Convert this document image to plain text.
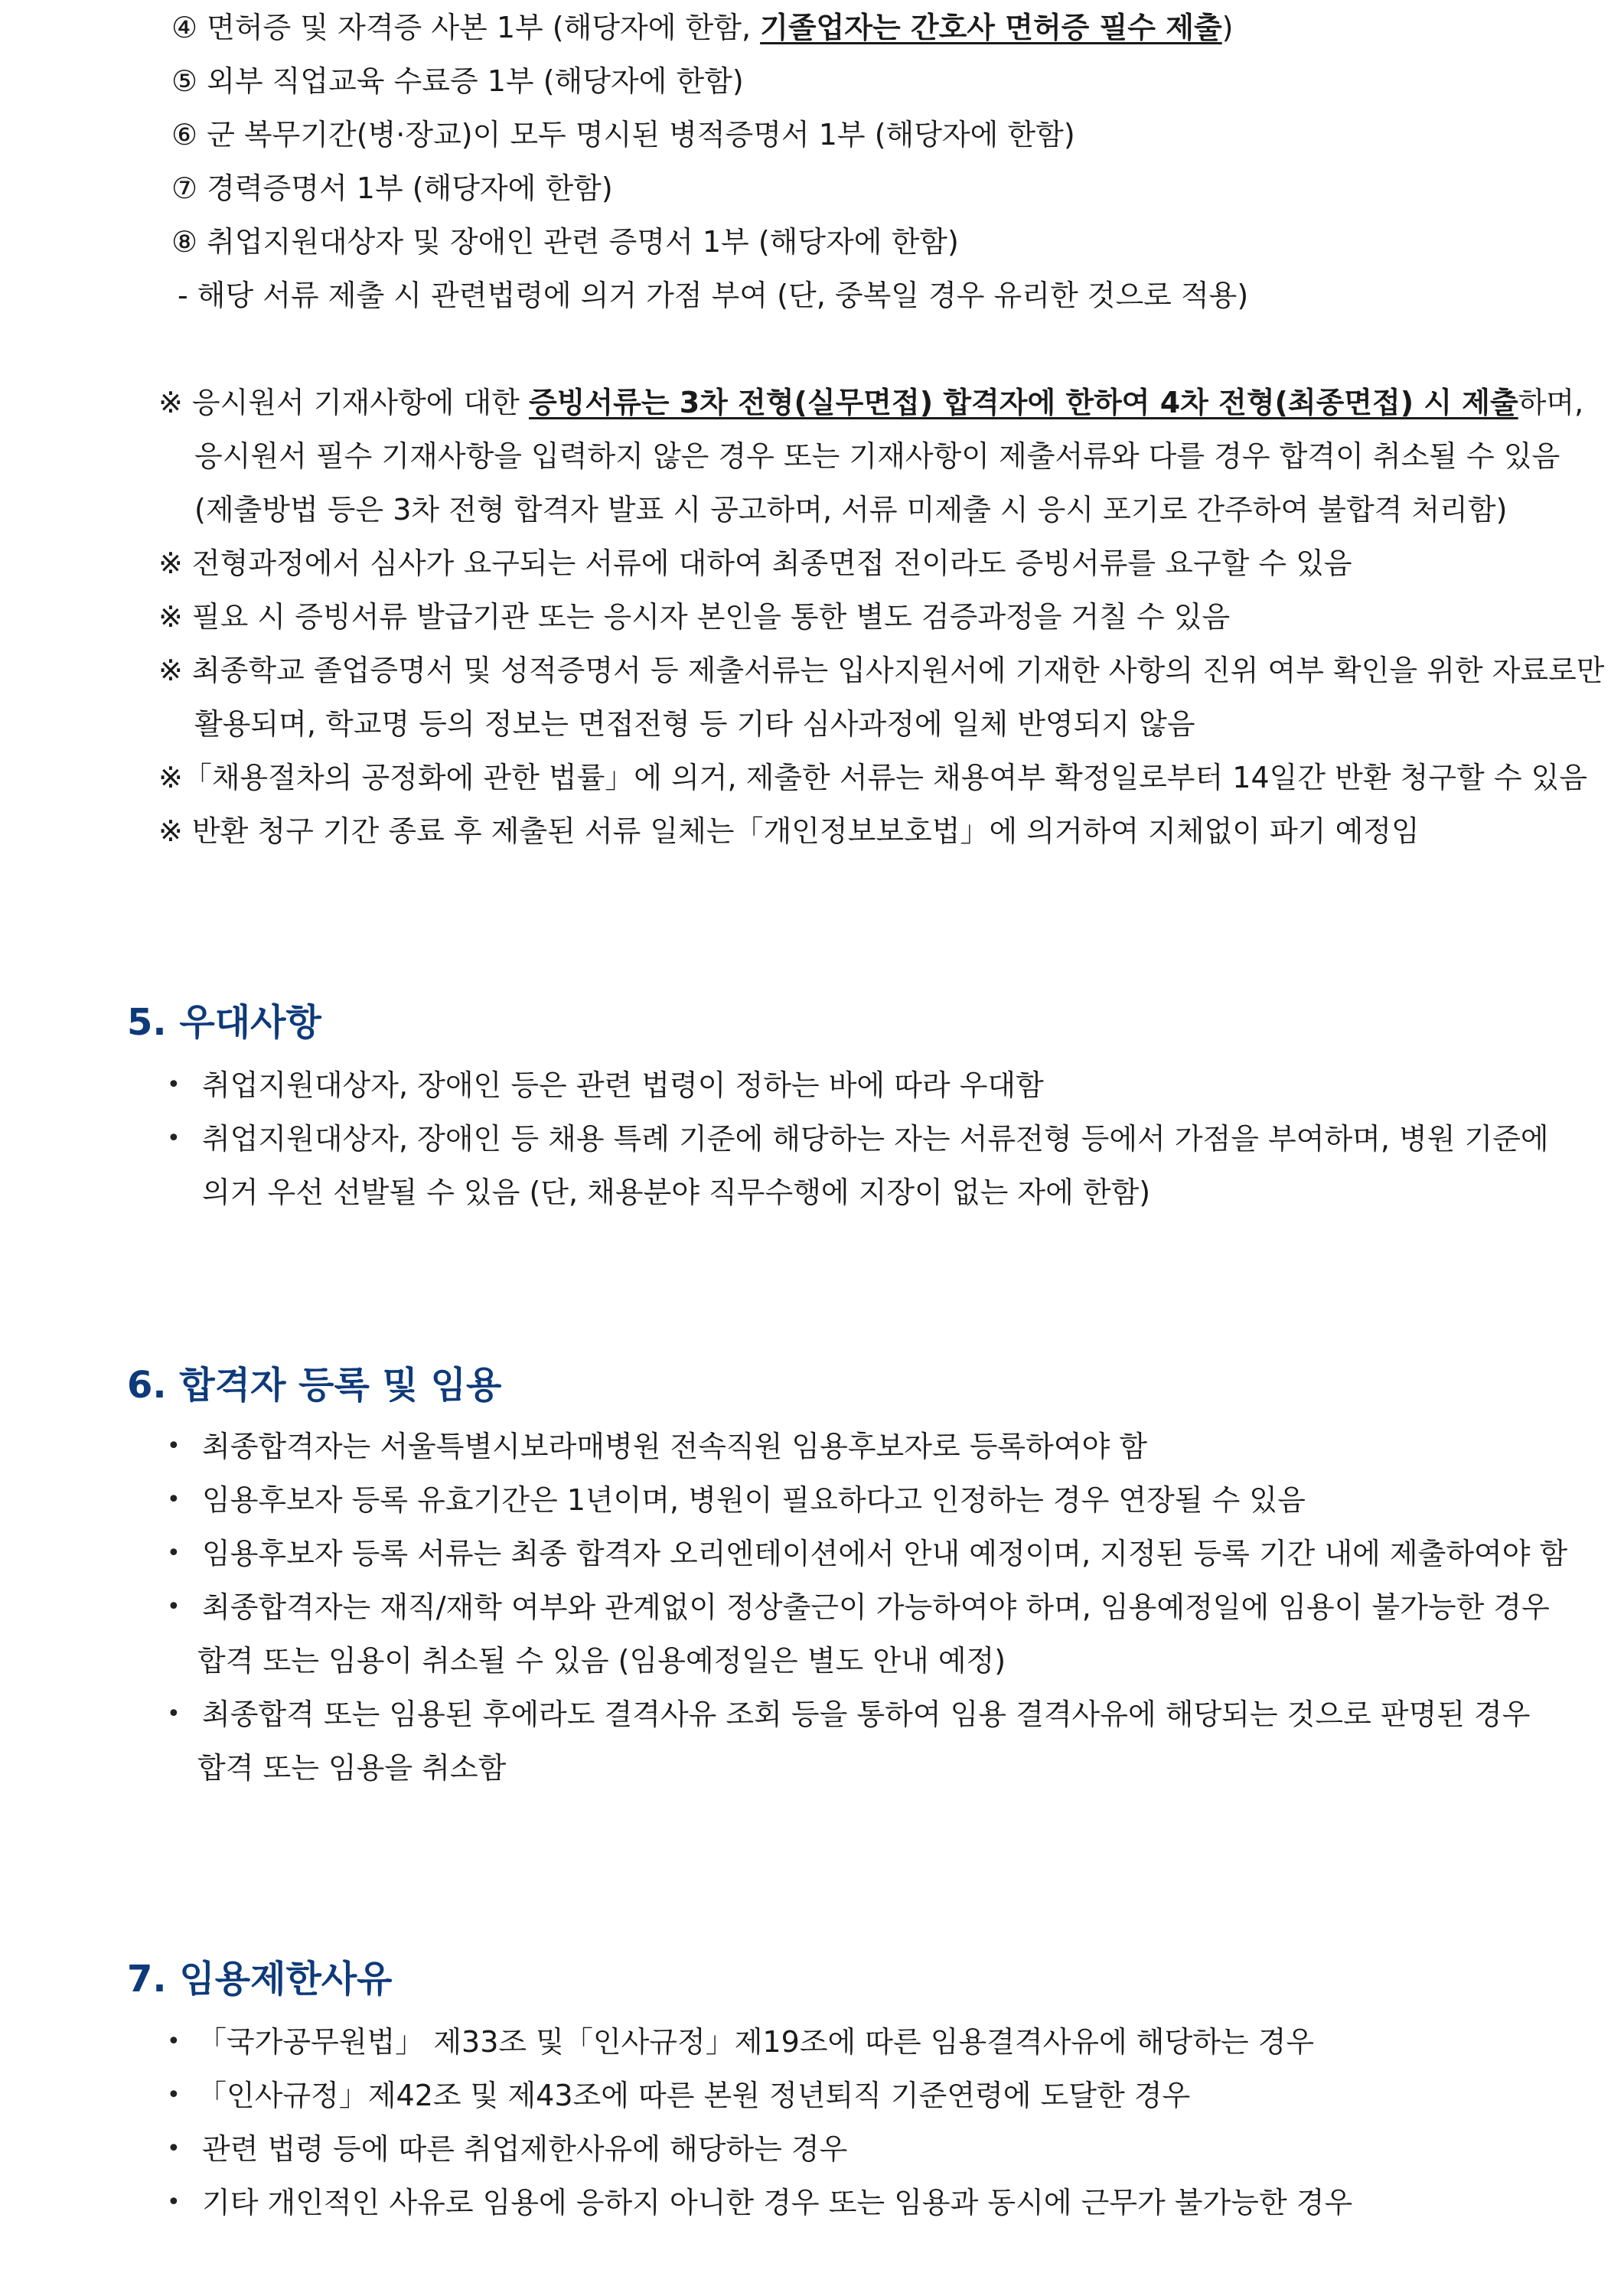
④ 면허증 및 자격증 사본 1부 (해당자에 한함, 기졸업자는 간호사 면허증 필수 제출)
⑤ 외부 직업교육 수료증 1부 (해당자에 한함)
⑥ 군 복무기간(병·장교)이 모두 명시된 병적증명서 1부 (해당자에 한함)
⑦ 경력증명서 1부 (해당자에 한함)
⑧ 취업지원대상자 및 장애인 관련 증명서 1부 (해당자에 한함)
- 해당 서류 제출 시 관련법령에 의거 가점 부여 (단, 중복일 경우 유리한 것으로 적용)
※ 응시원서 기재사항에 대한 증빙서류는 3차 전형(실무면접) 합격자에 한하여 4차 전형(최종면접) 시 제출하며,
응시원서 필수 기재사항을 입력하지 않은 경우 또는 기재사항이 제출서류와 다를 경우 합격이 취소될 수 있음
(제출방법 등은 3차 전형 합격자 발표 시 공고하며, 서류 미제출 시 응시 포기로 간주하여 불합격 처리함)
※ 전형과정에서 심사가 요구되는 서류에 대하여 최종면접 전이라도 증빙서류를 요구할 수 있음
※ 필요 시 증빙서류 발급기관 또는 응시자 본인을 통한 별도 검증과정을 거칠 수 있음
※ 최종학교 졸업증명서 및 성적증명서 등 제출서류는 입사지원서에 기재한 사항의 진위 여부 확인을 위한 자료로만
활용되며, 학교명 등의 정보는 면접전형 등 기타 심사과정에 일체 반영되지 않음
※「채용절차의 공정화에 관한 법률」에 의거, 제출한 서류는 채용여부 확정일로부터 14일간 반환 청구할 수 있음
※ 반환 청구 기간 종료 후 제출된 서류 일체는「개인정보보호법」에 의거하여 지체없이 파기 예정임
5. 우대사항
• 취업지원대상자, 장애인 등은 관련 법령이 정하는 바에 따라 우대함
• 취업지원대상자, 장애인 등 채용 특례 기준에 해당하는 자는 서류전형 등에서 가점을 부여하며, 병원 기준에
의거 우선 선발될 수 있음 (단, 채용분야 직무수행에 지장이 없는 자에 한함)
6. 합격자 등록 및 임용
• 최종합격자는 서울특별시보라매병원 전속직원 임용후보자로 등록하여야 함
• 임용후보자 등록 유효기간은 1년이며, 병원이 필요하다고 인정하는 경우 연장될 수 있음
• 임용후보자 등록 서류는 최종 합격자 오리엔테이션에서 안내 예정이며, 지정된 등록 기간 내에 제출하여야 함
• 최종합격자는 재직/재학 여부와 관계없이 정상출근이 가능하여야 하며, 임용예정일에 임용이 불가능한 경우
합격 또는 임용이 취소될 수 있음 (임용예정일은 별도 안내 예정)
• 최종합격 또는 임용된 후에라도 결격사유 조회 등을 통하여 임용 결격사유에 해당되는 것으로 판명된 경우
합격 또는 임용을 취소함
7. 임용제한사유
• 「국가공무원법」 제33조 및「인사규정」제19조에 따른 임용결격사유에 해당하는 경우
• 「인사규정」제42조 및 제43조에 따른 본원 정년퇴직 기준연령에 도달한 경우
• 관련 법령 등에 따른 취업제한사유에 해당하는 경우
• 기타 개인적인 사유로 임용에 응하지 아니한 경우 또는 임용과 동시에 근무가 불가능한 경우
